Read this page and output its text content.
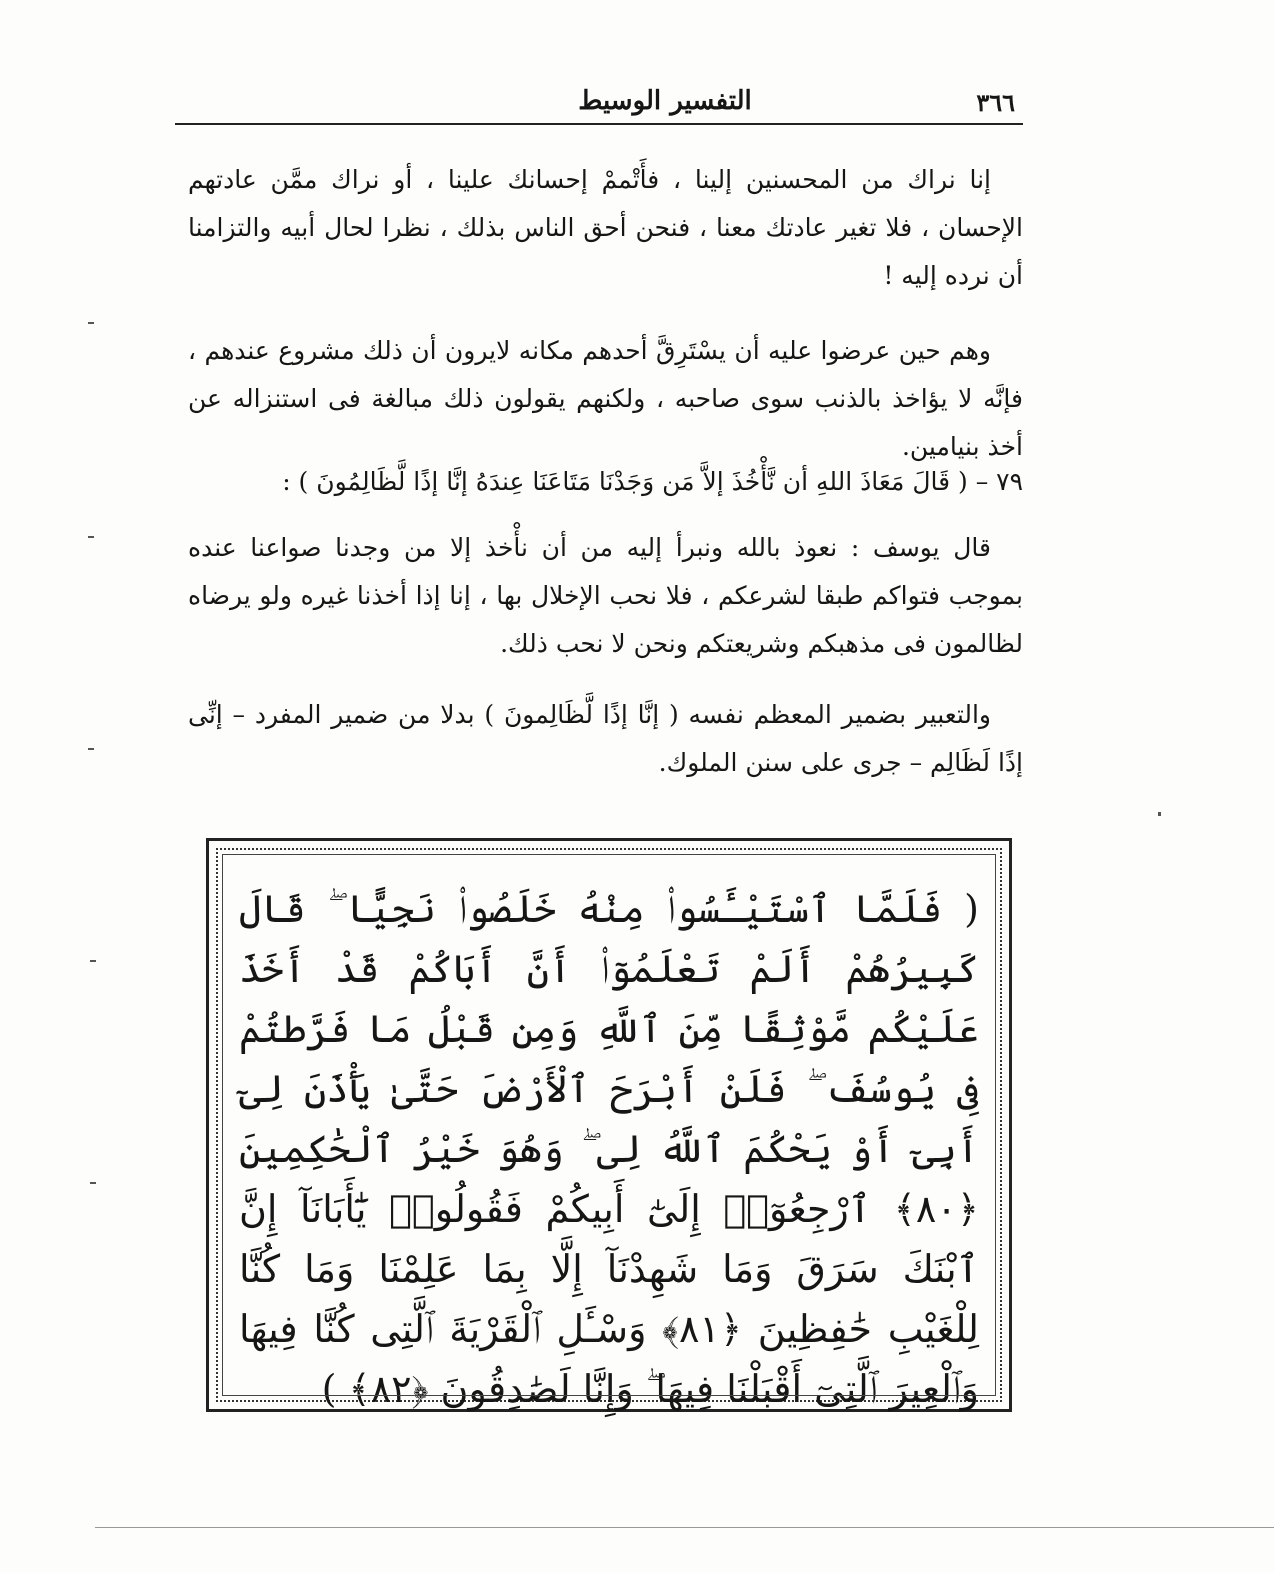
التفسير الوسيط	٣٦٦

إنا نراك من المحسنين إلينا ، فأَتْممْ إحسانك علينا ، أو نراك ممَّن عادتهم الإحسان ، فلا تغير عادتك معنا ، فنحن أحق الناس بذلك ، نظرا لحال أبيه والتزامنا أن نرده إليه !

وهم حين عرضوا عليه أن يسْتَرِقَّ أحدهم مكانه لايرون أن ذلك مشروع عندهم ، فإنَّه لا يؤاخذ بالذنب سوى صاحبه ، ولكنهم يقولون ذلك مبالغة فى استنزاله عن أخذ بنيامين.

٧٩ – ( قَالَ مَعَاذَ اللهِ أن نَّأْخُذَ إلاَّ مَن وَجَدْنَا مَتَاعَنَا عِندَهُ إنَّا إذًا لَّظَالِمُونَ ) :

قال يوسف : نعوذ بالله ونبرأ إليه من أن نأْخذ إلا من وجدنا صواعنا عنده بموجب فتواكم طبقا لشرعكم ، فلا نحب الإخلال بها ، إنا إذا أخذنا غيره ولو يرضاه لظالمون فى مذهبكم وشريعتكم ونحن لا نحب ذلك.

والتعبير بضمير المعظم نفسه ( إنَّا إذًا لَّظَالِمونَ ) بدلا من ضمير المفرد – إنِّى إذًا لَظَالِم – جرى على سنن الملوك.

( فَلَمَّا ٱسْتَيْـَٔسُوا۟ مِنْهُ خَلَصُوا۟ نَجِيًّا ۖ قَالَ كَبِيرُهُمْ أَلَمْ تَعْلَمُوٓا۟ أَنَّ أَبَاكُمْ قَدْ أَخَذَ عَلَيْكُم مَّوْثِقًا مِّنَ ٱللَّهِ وَمِن قَبْلُ مَا فَرَّطتُمْ فِى يُوسُفَ ۖ فَلَنْ أَبْرَحَ ٱلْأَرْضَ حَتَّىٰ يَأْذَنَ لِىٓ أَبِىٓ أَوْ يَحْكُمَ ٱللَّهُ لِى ۖ وَهُوَ خَيْرُ ٱلْحَٰكِمِينَ ﴿٨٠﴾ ٱرْجِعُوٓا۟ إِلَىٰٓ أَبِيكُمْ فَقُولُوا۟ يَٰٓأَبَانَآ إِنَّ ٱبْنَكَ سَرَقَ وَمَا شَهِدْنَآ إِلَّا بِمَا عَلِمْنَا وَمَا كُنَّا لِلْغَيْبِ حَٰفِظِينَ ﴿٨١﴾ وَسْـَٔلِ ٱلْقَرْيَةَ ٱلَّتِى كُنَّا فِيهَا وَٱلْعِيرَ ٱلَّتِىٓ أَقْبَلْنَا فِيهَا ۖ وَإِنَّا لَصَٰدِقُونَ ﴿٨٢﴾ )
